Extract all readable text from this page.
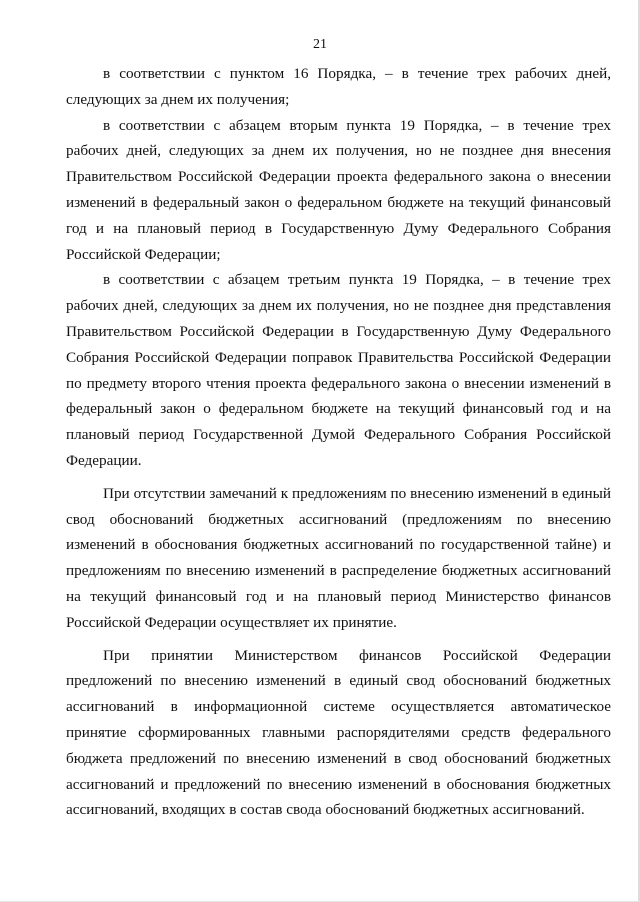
21

в соответствии с пунктом 16 Порядка, – в течение трех рабочих дней, следующих за днем их получения;

в соответствии с абзацем вторым пункта 19 Порядка, – в течение трех рабочих дней, следующих за днем их получения, но не позднее дня внесения Правительством Российской Федерации проекта федерального закона о внесении изменений в федеральный закон о федеральном бюджете на текущий финансовый год и на плановый период в Государственную Думу Федерального Собрания Российской Федерации;

в соответствии с абзацем третьим пункта 19 Порядка, – в течение трех рабочих дней, следующих за днем их получения, но не позднее дня представления Правительством Российской Федерации в Государственную Думу Федерального Собрания Российской Федерации поправок Правительства Российской Федерации по предмету второго чтения проекта федерального закона о внесении изменений в федеральный закон о федеральном бюджете на текущий финансовый год и на плановый период Государственной Думой Федерального Собрания Российской Федерации.

При отсутствии замечаний к предложениям по внесению изменений в единый свод обоснований бюджетных ассигнований (предложениям по внесению изменений в обоснования бюджетных ассигнований по государственной тайне) и предложениям по внесению изменений в распределение бюджетных ассигнований на текущий финансовый год и на плановый период Министерство финансов Российской Федерации осуществляет их принятие.

При принятии Министерством финансов Российской Федерации предложений по внесению изменений в единый свод обоснований бюджетных ассигнований в информационной системе осуществляется автоматическое принятие сформированных главными распорядителями средств федерального бюджета предложений по внесению изменений в свод обоснований бюджетных ассигнований и предложений по внесению изменений в обоснования бюджетных ассигнований, входящих в состав свода обоснований бюджетных ассигнований.
